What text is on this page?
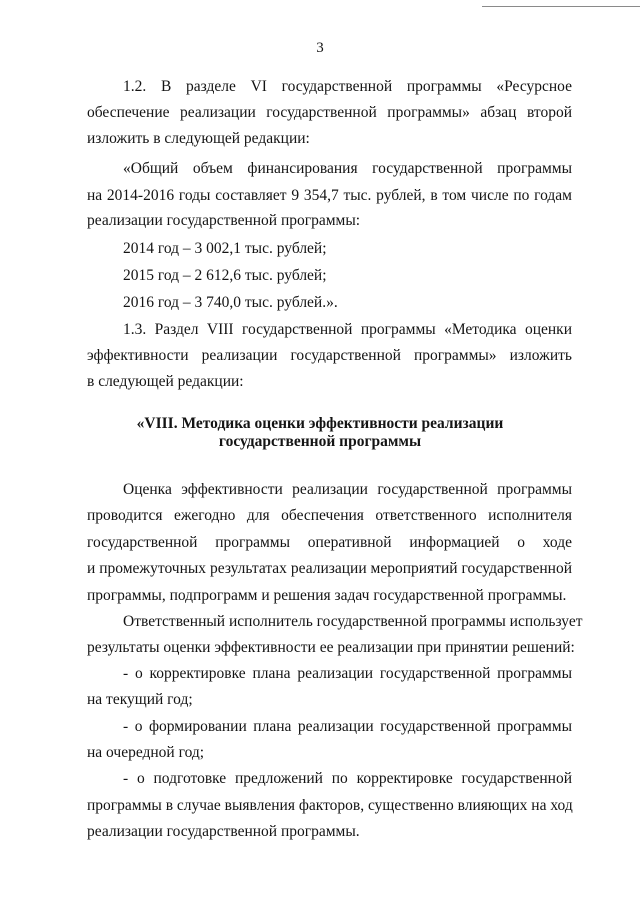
3
1.2. В разделе VI государственной программы «Ресурсное
обеспечение реализации государственной программы» абзац второй
изложить в следующей редакции:
«Общий объем финансирования государственной программы
на 2014-2016 годы составляет 9 354,7 тыс. рублей, в том числе по годам
реализации государственной программы:
2014 год – 3 002,1 тыс. рублей;
2015 год – 2 612,6 тыс. рублей;
2016 год – 3 740,0 тыс. рублей.».
1.3. Раздел VIII государственной программы «Методика оценки
эффективности реализации государственной программы» изложить
в следующей редакции:
«VIII. Методика оценки эффективности реализации
государственной программы
Оценка эффективности реализации государственной программы
проводится ежегодно для обеспечения ответственного исполнителя
государственной программы оперативной информацией о ходе
и промежуточных результатах реализации мероприятий государственной
программы, подпрограмм и решения задач государственной программы.
Ответственный исполнитель государственной программы использует
результаты оценки эффективности ее реализации при принятии решений:
- о корректировке плана реализации государственной программы
на текущий год;
- о формировании плана реализации государственной программы
на очередной год;
- о подготовке предложений по корректировке государственной
программы в случае выявления факторов, существенно влияющих на ход
реализации государственной программы.
